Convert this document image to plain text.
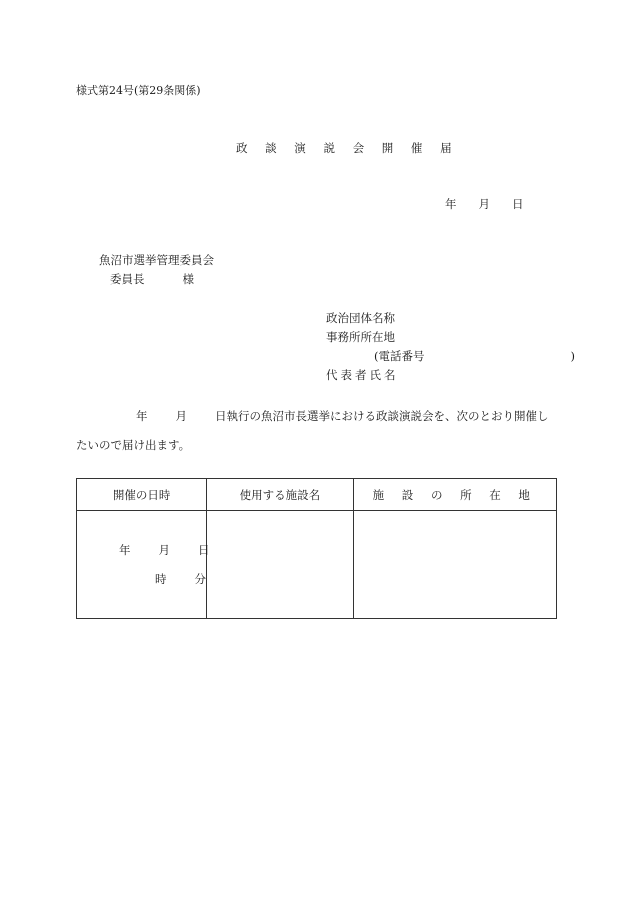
様式第24号(第29条関係)
政 談 演 説 会 開 催 届
年 月 日
魚沼市選挙管理委員会
委員長	様
政治団体名称
事務所所在地
(電話番号	)
代表者氏名
年 月 日執行の魚沼市長選挙における政談演説会を、次のとおり開催し
たいので届け出ます。
開催の日時	使用する施設名	施 設 の 所 在 地

年 月 日
時 分		
